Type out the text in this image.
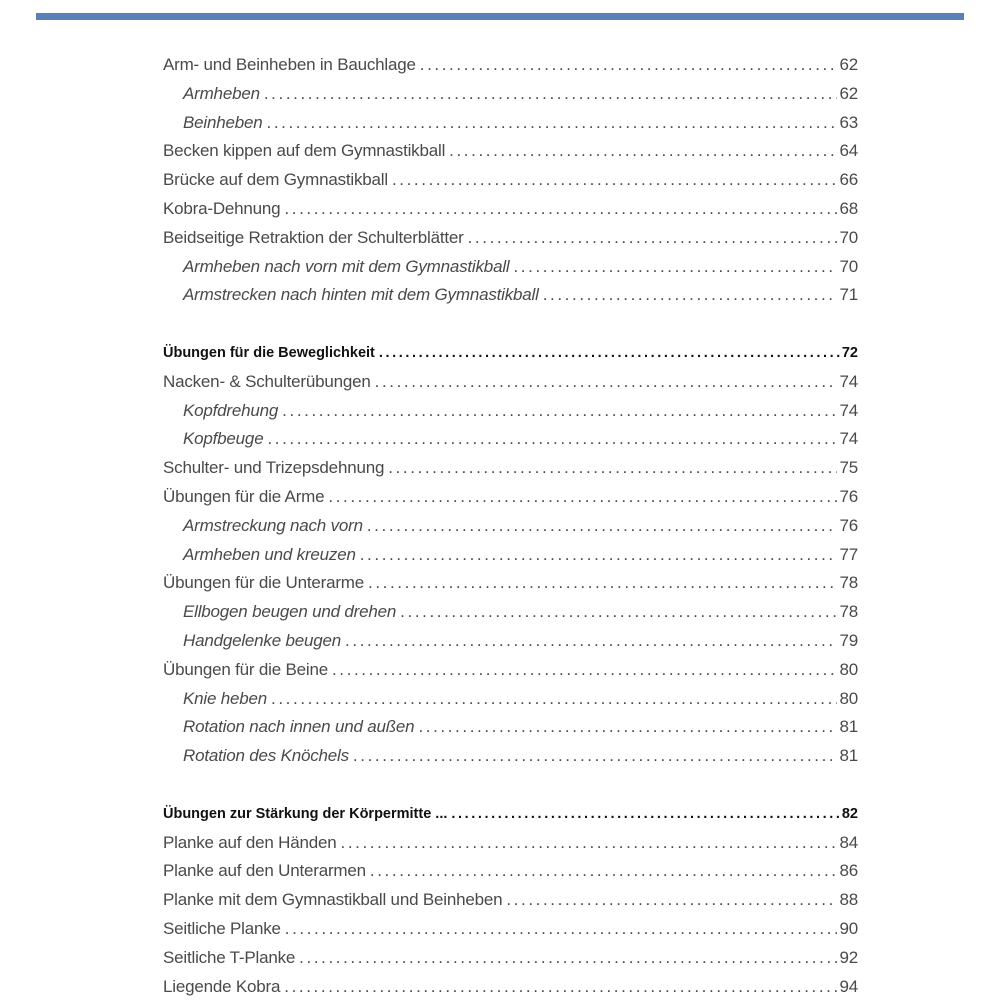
Arm- und Beinheben in Bauchlage .....	62
Armheben .....	62
Beinheben .....	63
Becken kippen auf dem Gymnastikball .....	64
Brücke auf dem Gymnastikball .....	66
Kobra-Dehnung .....	68
Beidseitige Retraktion der Schulterblätter .....	70
Armheben nach vorn mit dem Gymnastikball .....	70
Armstrecken nach hinten mit dem Gymnastikball .....	71
Übungen für die Beweglichkeit .....	72
Nacken- & Schulterübungen .....	74
Kopfdrehung .....	74
Kopfbeuge .....	74
Schulter- und Trizepsdehnung .....	75
Übungen für die Arme .....	76
Armstreckung nach vorn .....	76
Armheben und kreuzen .....	77
Übungen für die Unterarme .....	78
Ellbogen beugen und drehen .....	78
Handgelenke beugen .....	79
Übungen für die Beine .....	80
Knie heben .....	80
Rotation nach innen und außen .....	81
Rotation des Knöchels .....	81
Übungen zur Stärkung der Körpermitte ... .....	82
Planke auf den Händen .....	84
Planke auf den Unterarmen .....	86
Planke mit dem Gymnastikball und Beinheben .....	88
Seitliche Planke .....	90
Seitliche T-Planke .....	92
Liegende Kobra .....	94
